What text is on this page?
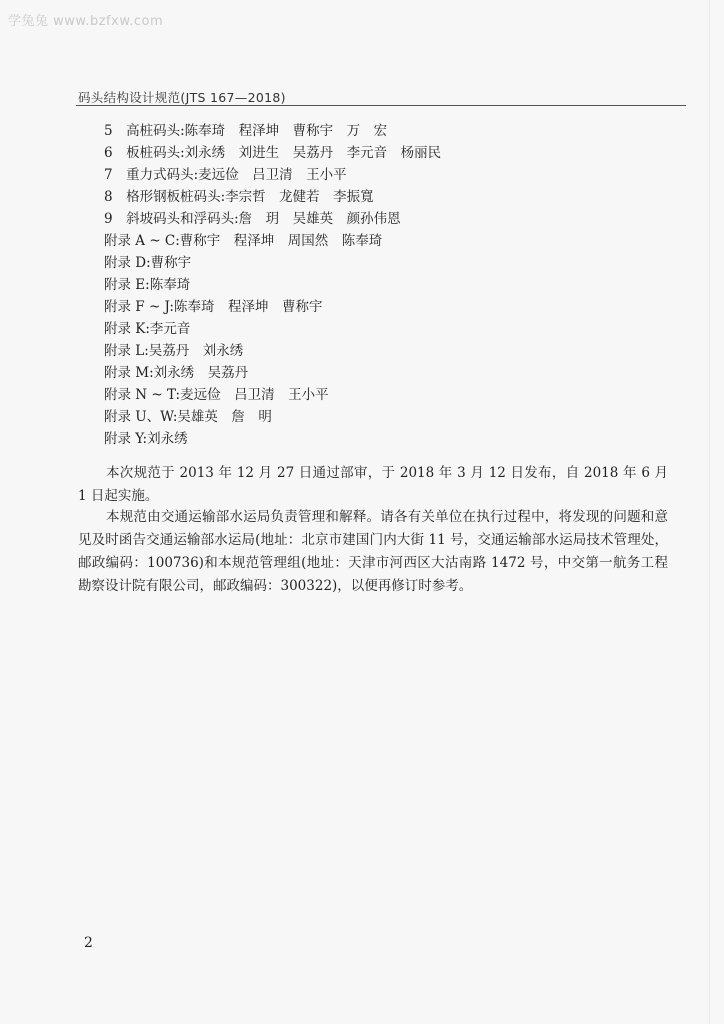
学兔兔 www.bzfxw.com
码头结构设计规范(JTS 167—2018)
5　高桩码头:陈奉琦　程泽坤　曹称宇　万　宏
6　板桩码头:刘永绣　刘进生　吴荔丹　李元音　杨丽民
7　重力式码头:麦远俭　吕卫清　王小平
8　格形钢板桩码头:李宗哲　龙健若　李振寬
9　斜坡码头和浮码头:詹　玥　吴雄英　颜孙伟恩
附录 A ~ C:曹称宇　程泽坤　周国然　陈奉琦
附录 D:曹称宇
附录 E:陈奉琦
附录 F ~ J:陈奉琦　程泽坤　曹称宇
附录 K:李元音
附录 L:吴荔丹　刘永绣
附录 M:刘永绣　吴荔丹
附录 N ~ T:麦远俭　吕卫清　王小平
附录 U、W:吴雄英　詹　明
附录 Y:刘永绣

本次规范于 2013 年 12 月 27 日通过部审，于 2018 年 3 月 12 日发布，自 2018 年 6 月 1 日起实施。

本规范由交通运输部水运局负责管理和解释。请各有关单位在执行过程中，将发现的问题和意见及时函告交通运输部水运局(地址：北京市建国门内大街 11 号，交通运输部水运局技术管理处，邮政编码：100736)和本规范管理组(地址：天津市河西区大沽南路 1472 号，中交第一航务工程勘察设计院有限公司，邮政编码：300322)，以便再修订时参考。

2
